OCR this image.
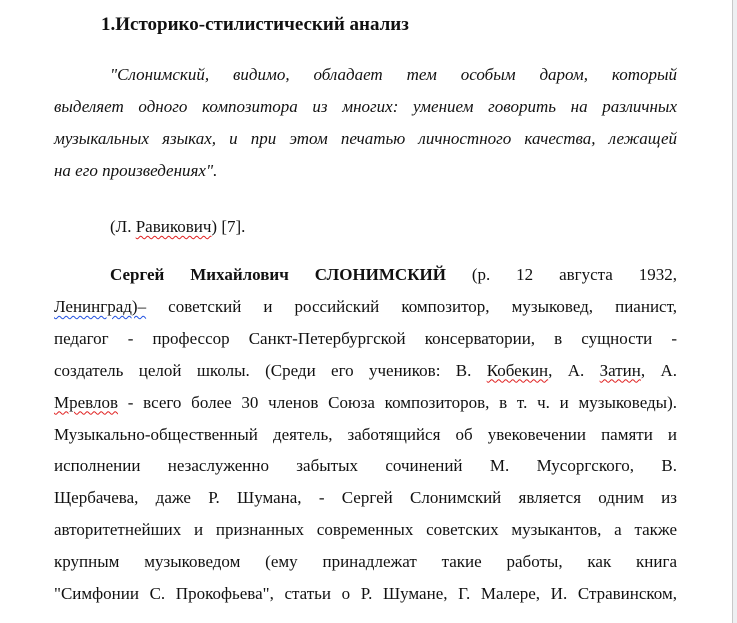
1.Историко-стилистический анализ
"Слонимский, видимо, обладает тем особым даром, который
выделяет одного композитора из многих: умением говорить на различных
музыкальных языках, и при этом печатью личностного качества, лежащей
на его произведениях".
(Л. Равикович) [7].
Сергей Михайлович СЛОНИМСКИЙ (р. 12 августа 1932,
Ленинград)– советский и российский композитор, музыковед, пианист,
педагог - профессор Санкт-Петербургской консерватории, в сущности -
создатель целой школы. (Среди его учеников: В. Кобекин, А. Затин, А.
Мревлов - всего более 30 членов Союза композиторов, в т. ч. и музыковеды).
Музыкально-общественный деятель, заботящийся об увековечении памяти и
исполнении незаслуженно забытых сочинений М. Мусоргского, В.
Щербачева, даже Р. Шумана, - Сергей Слонимский является одним из
авторитетнейших и признанных современных советских музыкантов, а также
крупным музыковедом (ему принадлежат такие работы, как книга
"Симфонии С. Прокофьева", статьи о Р. Шумане, Г. Малере, И. Стравинском,
